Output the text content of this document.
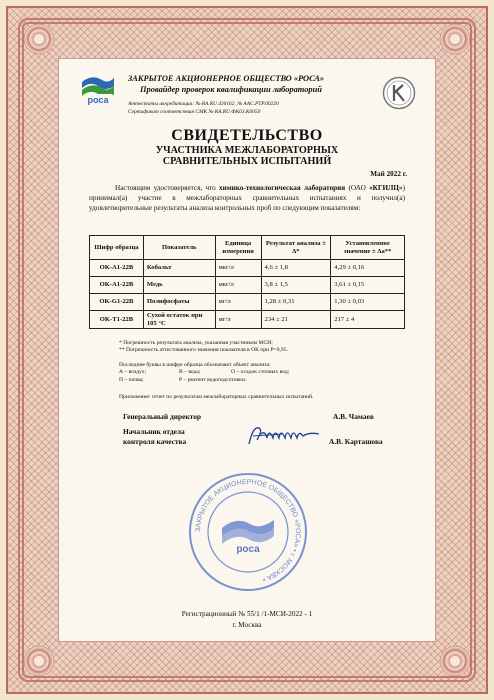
роса
ЗАКРЫТОЕ АКЦИОНЕРНОЕ ОБЩЕСТВО «РОСА»
Провайдер проверок квалификации лабораторий
Аттестаты аккредитации: № RA.RU.430162, № AAC.PTP.00220
Сертификат соответствия СМК № RA.RU.ФК63.К0050
СВИДЕТЕЛЬСТВО
УЧАСТНИКА МЕЖЛАБОРАТОРНЫХ
СРАВНИТЕЛЬНЫХ ИСПЫТАНИЙ
Май 2022 г.
Настоящим удостоверяется, что химико-технологическая лаборатория (ОАО «КГИЛЦ») принимал(а) участие в межлабораторных сравнительных испытаниях и получил(а) удовлетворительные результаты анализа контрольных проб по следующим показателям:
Шифр образца	Показатель	Единица измерения	Результат анализа ± Δ*	Установленное значение ± Δа**
OK-A1-22B	Кобальт	мкг/л	4,6 ± 1,8	4,29 ± 0,16
OK-A1-22B	Медь	мкг/л	3,8 ± 1,5	3,61 ± 0,15
OK-G1-22B	Полифосфаты	мг/л	1,28 ± 0,31	1,30 ± 0,03
OK-T1-22B	Сухой остаток при 105 °С	мг/л	234 ± 21	217 ± 4
* Погрешность результата анализа, указанная участником МСИ;
** Погрешность аттестованного значения показателя в ОК при Р=0,95.
Последние буквы в шифре образца обозначают объект анализа:
А – воздух;	В – вода;	О – осадок сточных вод;
П – почва;	Р – реагент водоподготовки.
Приложение: отчет по результатам межлабораторных сравнительных испытаний.
Генеральный директор	А.В. Чамаев
Начальник отдела
контроля качества	А.В. Карташова
ЗАКРЫТОЕ АКЦИОНЕРНОЕ ОБЩЕСТВО «РОСА» • г. МОСКВА •
роса
Регистрационный № 55/1 /1-МСИ-2022 - 1
г. Москва
